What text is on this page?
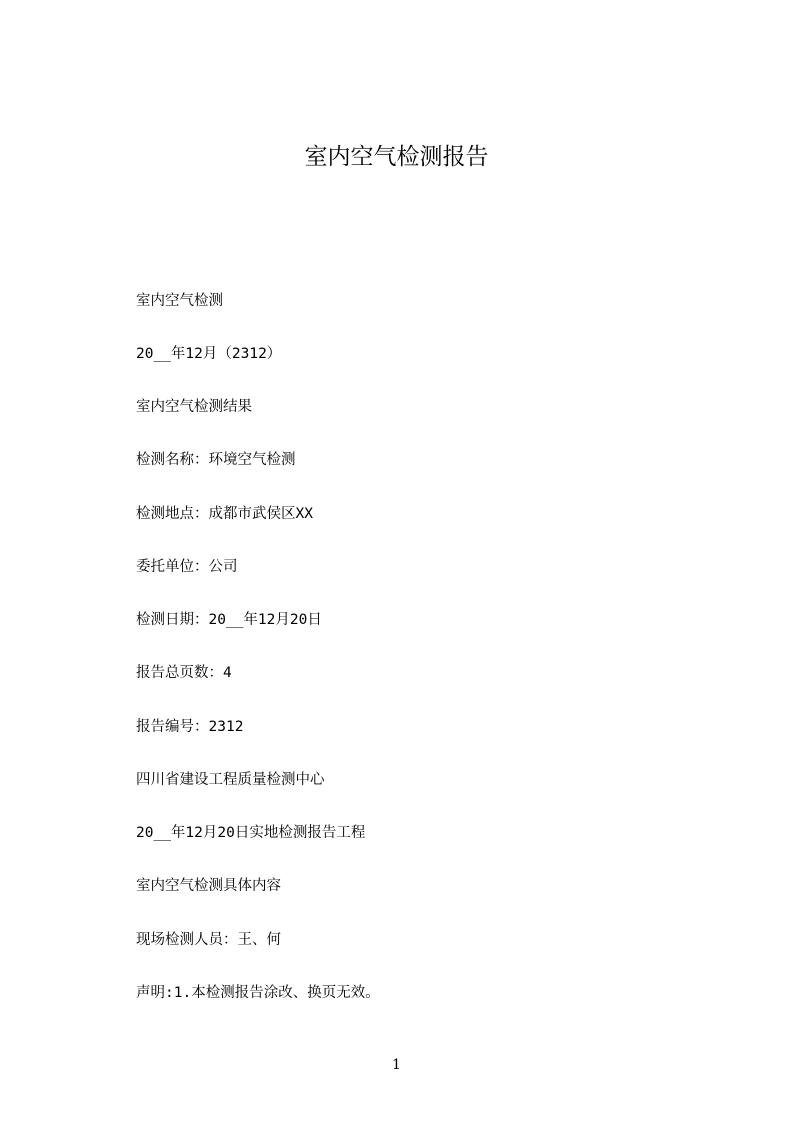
室内空气检测报告

室内空气检测

20__年12月（2312）

室内空气检测结果

检测名称：环境空气检测

检测地点：成都市武侯区XX

委托单位：公司

检测日期：20__年12月20日

报告总页数：4

报告编号：2312

四川省建设工程质量检测中心

20__年12月20日实地检测报告工程

室内空气检测具体内容

现场检测人员：王、何

声明:1.本检测报告涂改、换页无效。

1
